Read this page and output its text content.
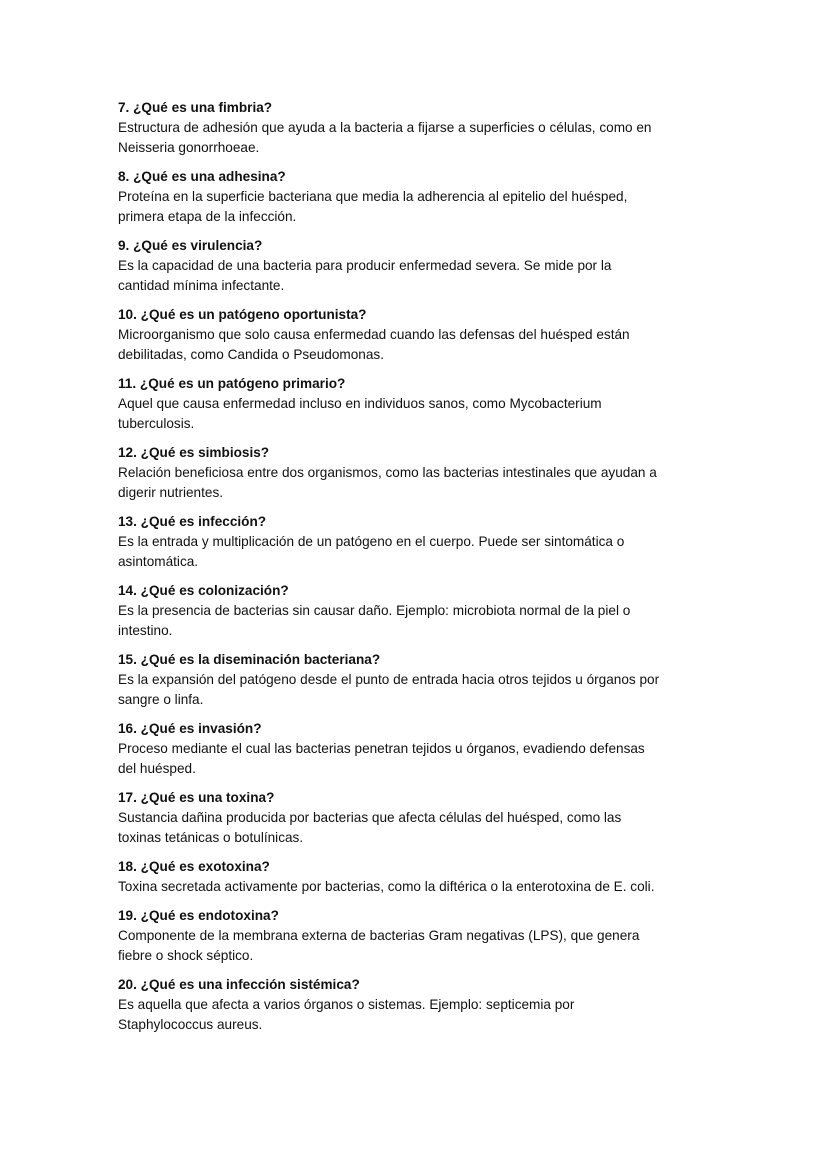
7. ¿Qué es una fimbria?

Estructura de adhesión que ayuda a la bacteria a fijarse a superficies o células, como en

Neisseria gonorrhoeae.

8. ¿Qué es una adhesina?

Proteína en la superficie bacteriana que media la adherencia al epitelio del huésped,

primera etapa de la infección.

9. ¿Qué es virulencia?

Es la capacidad de una bacteria para producir enfermedad severa. Se mide por la

cantidad mínima infectante.

10. ¿Qué es un patógeno oportunista?

Microorganismo que solo causa enfermedad cuando las defensas del huésped están

debilitadas, como Candida o Pseudomonas.

11. ¿Qué es un patógeno primario?

Aquel que causa enfermedad incluso en individuos sanos, como Mycobacterium

tuberculosis.

12. ¿Qué es simbiosis?

Relación beneficiosa entre dos organismos, como las bacterias intestinales que ayudan a

digerir nutrientes.

13. ¿Qué es infección?

Es la entrada y multiplicación de un patógeno en el cuerpo. Puede ser sintomática o

asintomática.

14. ¿Qué es colonización?

Es la presencia de bacterias sin causar daño. Ejemplo: microbiota normal de la piel o

intestino.

15. ¿Qué es la diseminación bacteriana?

Es la expansión del patógeno desde el punto de entrada hacia otros tejidos u órganos por

sangre o linfa.

16. ¿Qué es invasión?

Proceso mediante el cual las bacterias penetran tejidos u órganos, evadiendo defensas

del huésped.

17. ¿Qué es una toxina?

Sustancia dañina producida por bacterias que afecta células del huésped, como las

toxinas tetánicas o botulínicas.

18. ¿Qué es exotoxina?

Toxina secretada activamente por bacterias, como la diftérica o la enterotoxina de E. coli.

19. ¿Qué es endotoxina?

Componente de la membrana externa de bacterias Gram negativas (LPS), que genera

fiebre o shock séptico.

20. ¿Qué es una infección sistémica?

Es aquella que afecta a varios órganos o sistemas. Ejemplo: septicemia por

Staphylococcus aureus.
